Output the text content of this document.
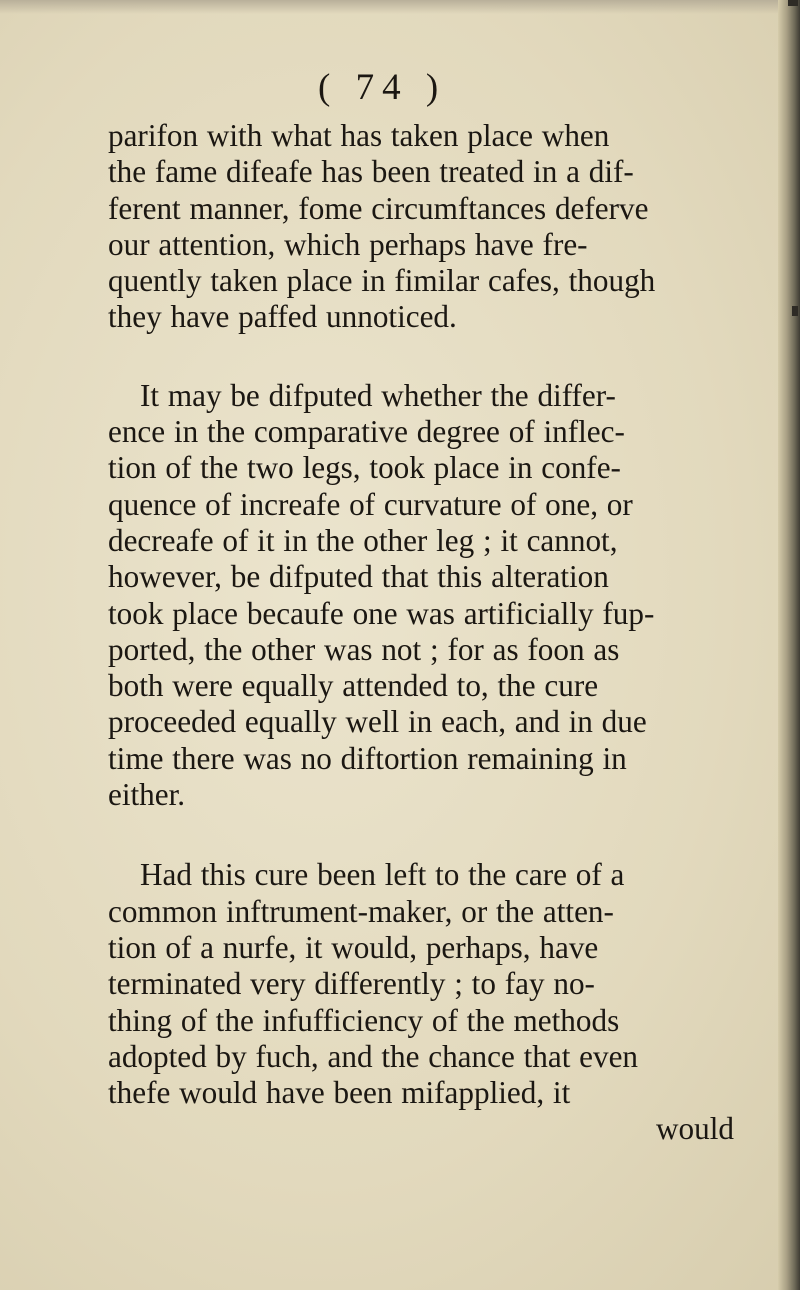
( 74 )
parifon with what has taken place when
the fame difeafe has been treated in a dif-
ferent manner, fome circumftances deferve
our attention, which perhaps have fre-
quently taken place in fimilar cafes, though
they have paffed unnoticed.
It may be difputed whether the differ-
ence in the comparative degree of inflec-
tion of the two legs, took place in confe-
quence of increafe of curvature of one, or
decreafe of it in the other leg ; it cannot,
however, be difputed that this alteration
took place becaufe one was artificially fup-
ported, the other was not ; for as foon as
both were equally attended to, the cure
proceeded equally well in each, and in due
time there was no diftortion remaining in
either.
Had this cure been left to the care of a
common inftrument-maker, or the atten-
tion of a nurfe, it would, perhaps, have
terminated very differently ; to fay no-
thing of the infufficiency of the methods
adopted by fuch, and the chance that even
thefe would have been mifapplied, it
would
